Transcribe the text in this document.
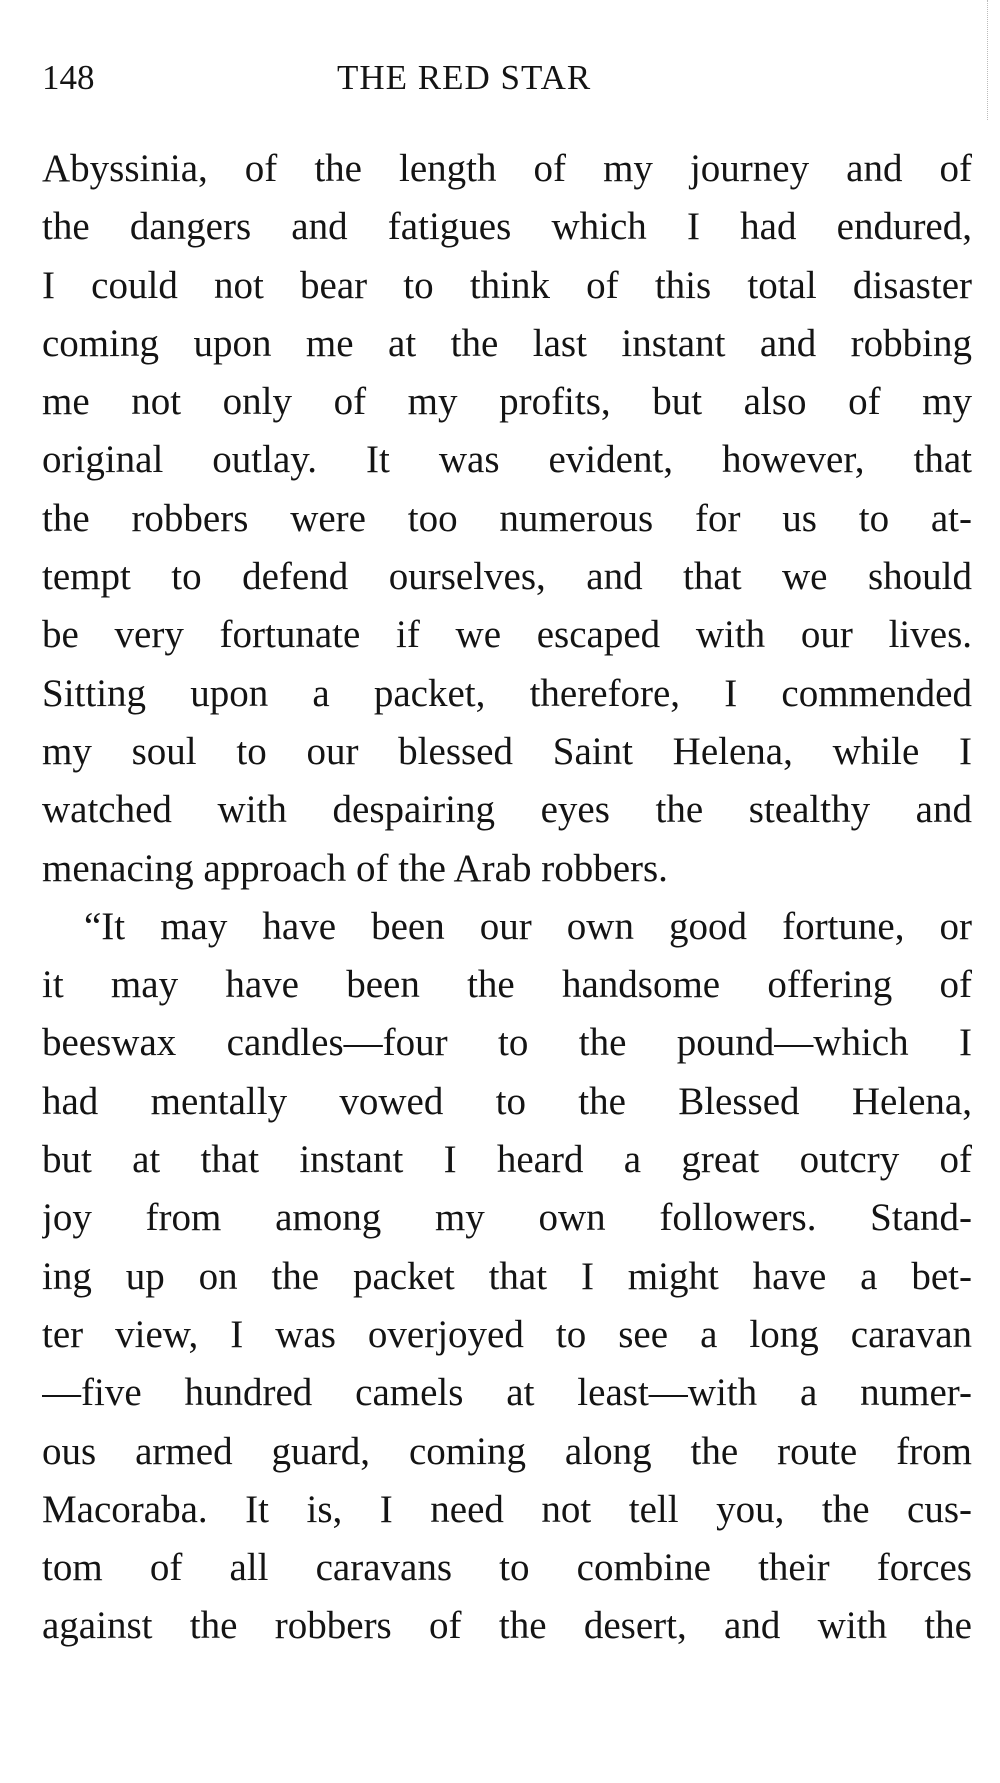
148	THE RED STAR
Abyssinia, of the length of my journey and of
the dangers and fatigues which I had endured,
I could not bear to think of this total disaster
coming upon me at the last instant and robbing
me not only of my profits, but also of my
original outlay. It was evident, however, that
the robbers were too numerous for us to at-
tempt to defend ourselves, and that we should
be very fortunate if we escaped with our lives.
Sitting upon a packet, therefore, I commended
my soul to our blessed Saint Helena, while I
watched with despairing eyes the stealthy and
menacing approach of the Arab robbers.
“It may have been our own good fortune, or
it may have been the handsome offering of
beeswax candles—four to the pound—which I
had mentally vowed to the Blessed Helena,
but at that instant I heard a great outcry of
joy from among my own followers. Stand-
ing up on the packet that I might have a bet-
ter view, I was overjoyed to see a long caravan
—five hundred camels at least—with a numer-
ous armed guard, coming along the route from
Macoraba. It is, I need not tell you, the cus-
tom of all caravans to combine their forces
against the robbers of the desert, and with the
